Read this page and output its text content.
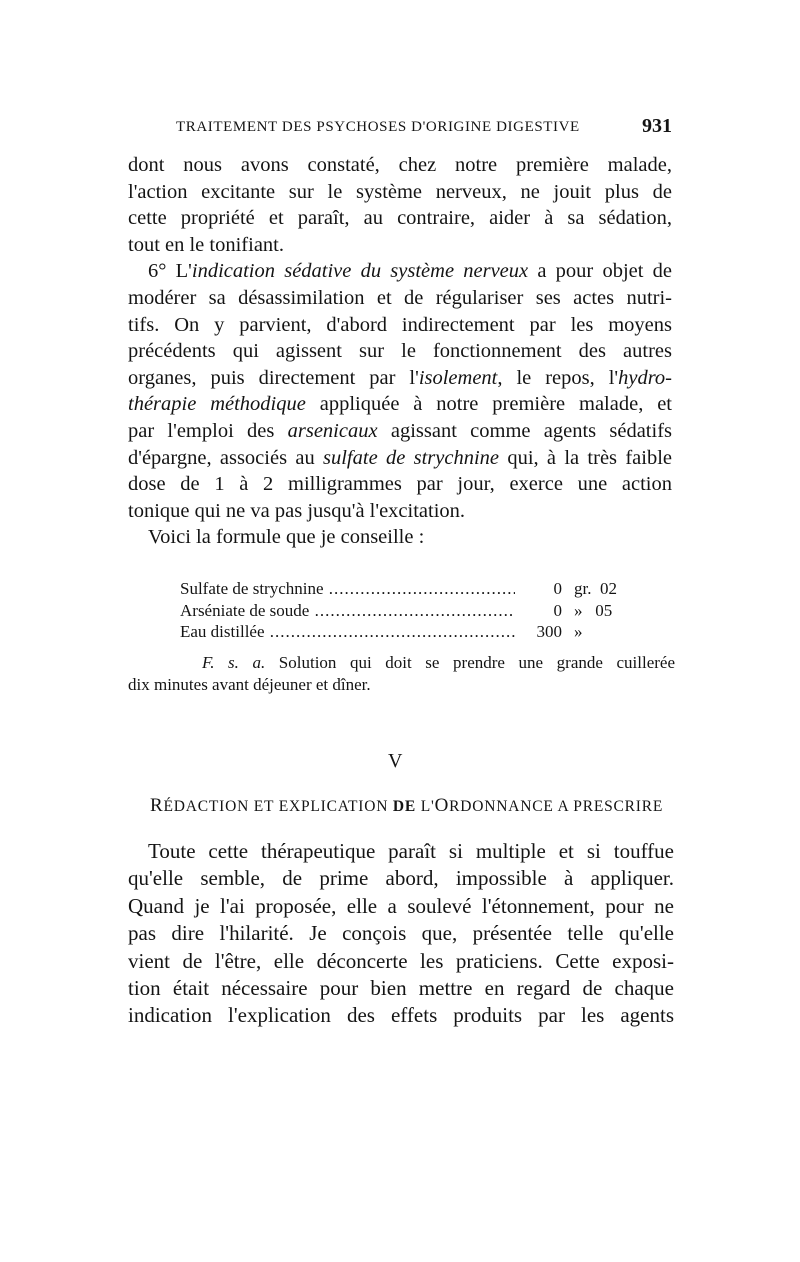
TRAITEMENT DES PSYCHOSES D'ORIGINE DIGESTIVE	931
dont nous avons constaté, chez notre première malade,
l'action excitante sur le système nerveux, ne jouit plus de
cette propriété et paraît, au contraire, aider à sa sédation,
tout en le tonifiant.
6° L'indication sédative du système nerveux a pour objet de
modérer sa désassimilation et de régulariser ses actes nutri-
tifs. On y parvient, d'abord indirectement par les moyens
précédents qui agissent sur le fonctionnement des autres
organes, puis directement par l'isolement, le repos, l'hydro-
thérapie méthodique appliquée à notre première malade, et
par l'emploi des arsenicaux agissant comme agents sédatifs
d'épargne, associés au sulfate de strychnine qui, à la très faible
dose de 1 à 2 milligrammes par jour, exerce une action
tonique qui ne va pas jusqu'à l'excitation.
Voici la formule que je conseille :
Sulfate de strychnine .....	0 gr.  02
Arséniate de soude .....	0 »   05
Eau distillée .....	300 »
F. s. a. Solution qui doit se prendre une grande cuillerée
dix minutes avant déjeuner et dîner.
V
RÉDACTION ET EXPLICATION DE L'ORDONNANCE A PRESCRIRE
Toute cette thérapeutique paraît si multiple et si touffue
qu'elle semble, de prime abord, impossible à appliquer.
Quand je l'ai proposée, elle a soulevé l'étonnement, pour ne
pas dire l'hilarité. Je conçois que, présentée telle qu'elle
vient de l'être, elle déconcerte les praticiens. Cette exposi-
tion était nécessaire pour bien mettre en regard de chaque
indication l'explication des effets produits par les agents
